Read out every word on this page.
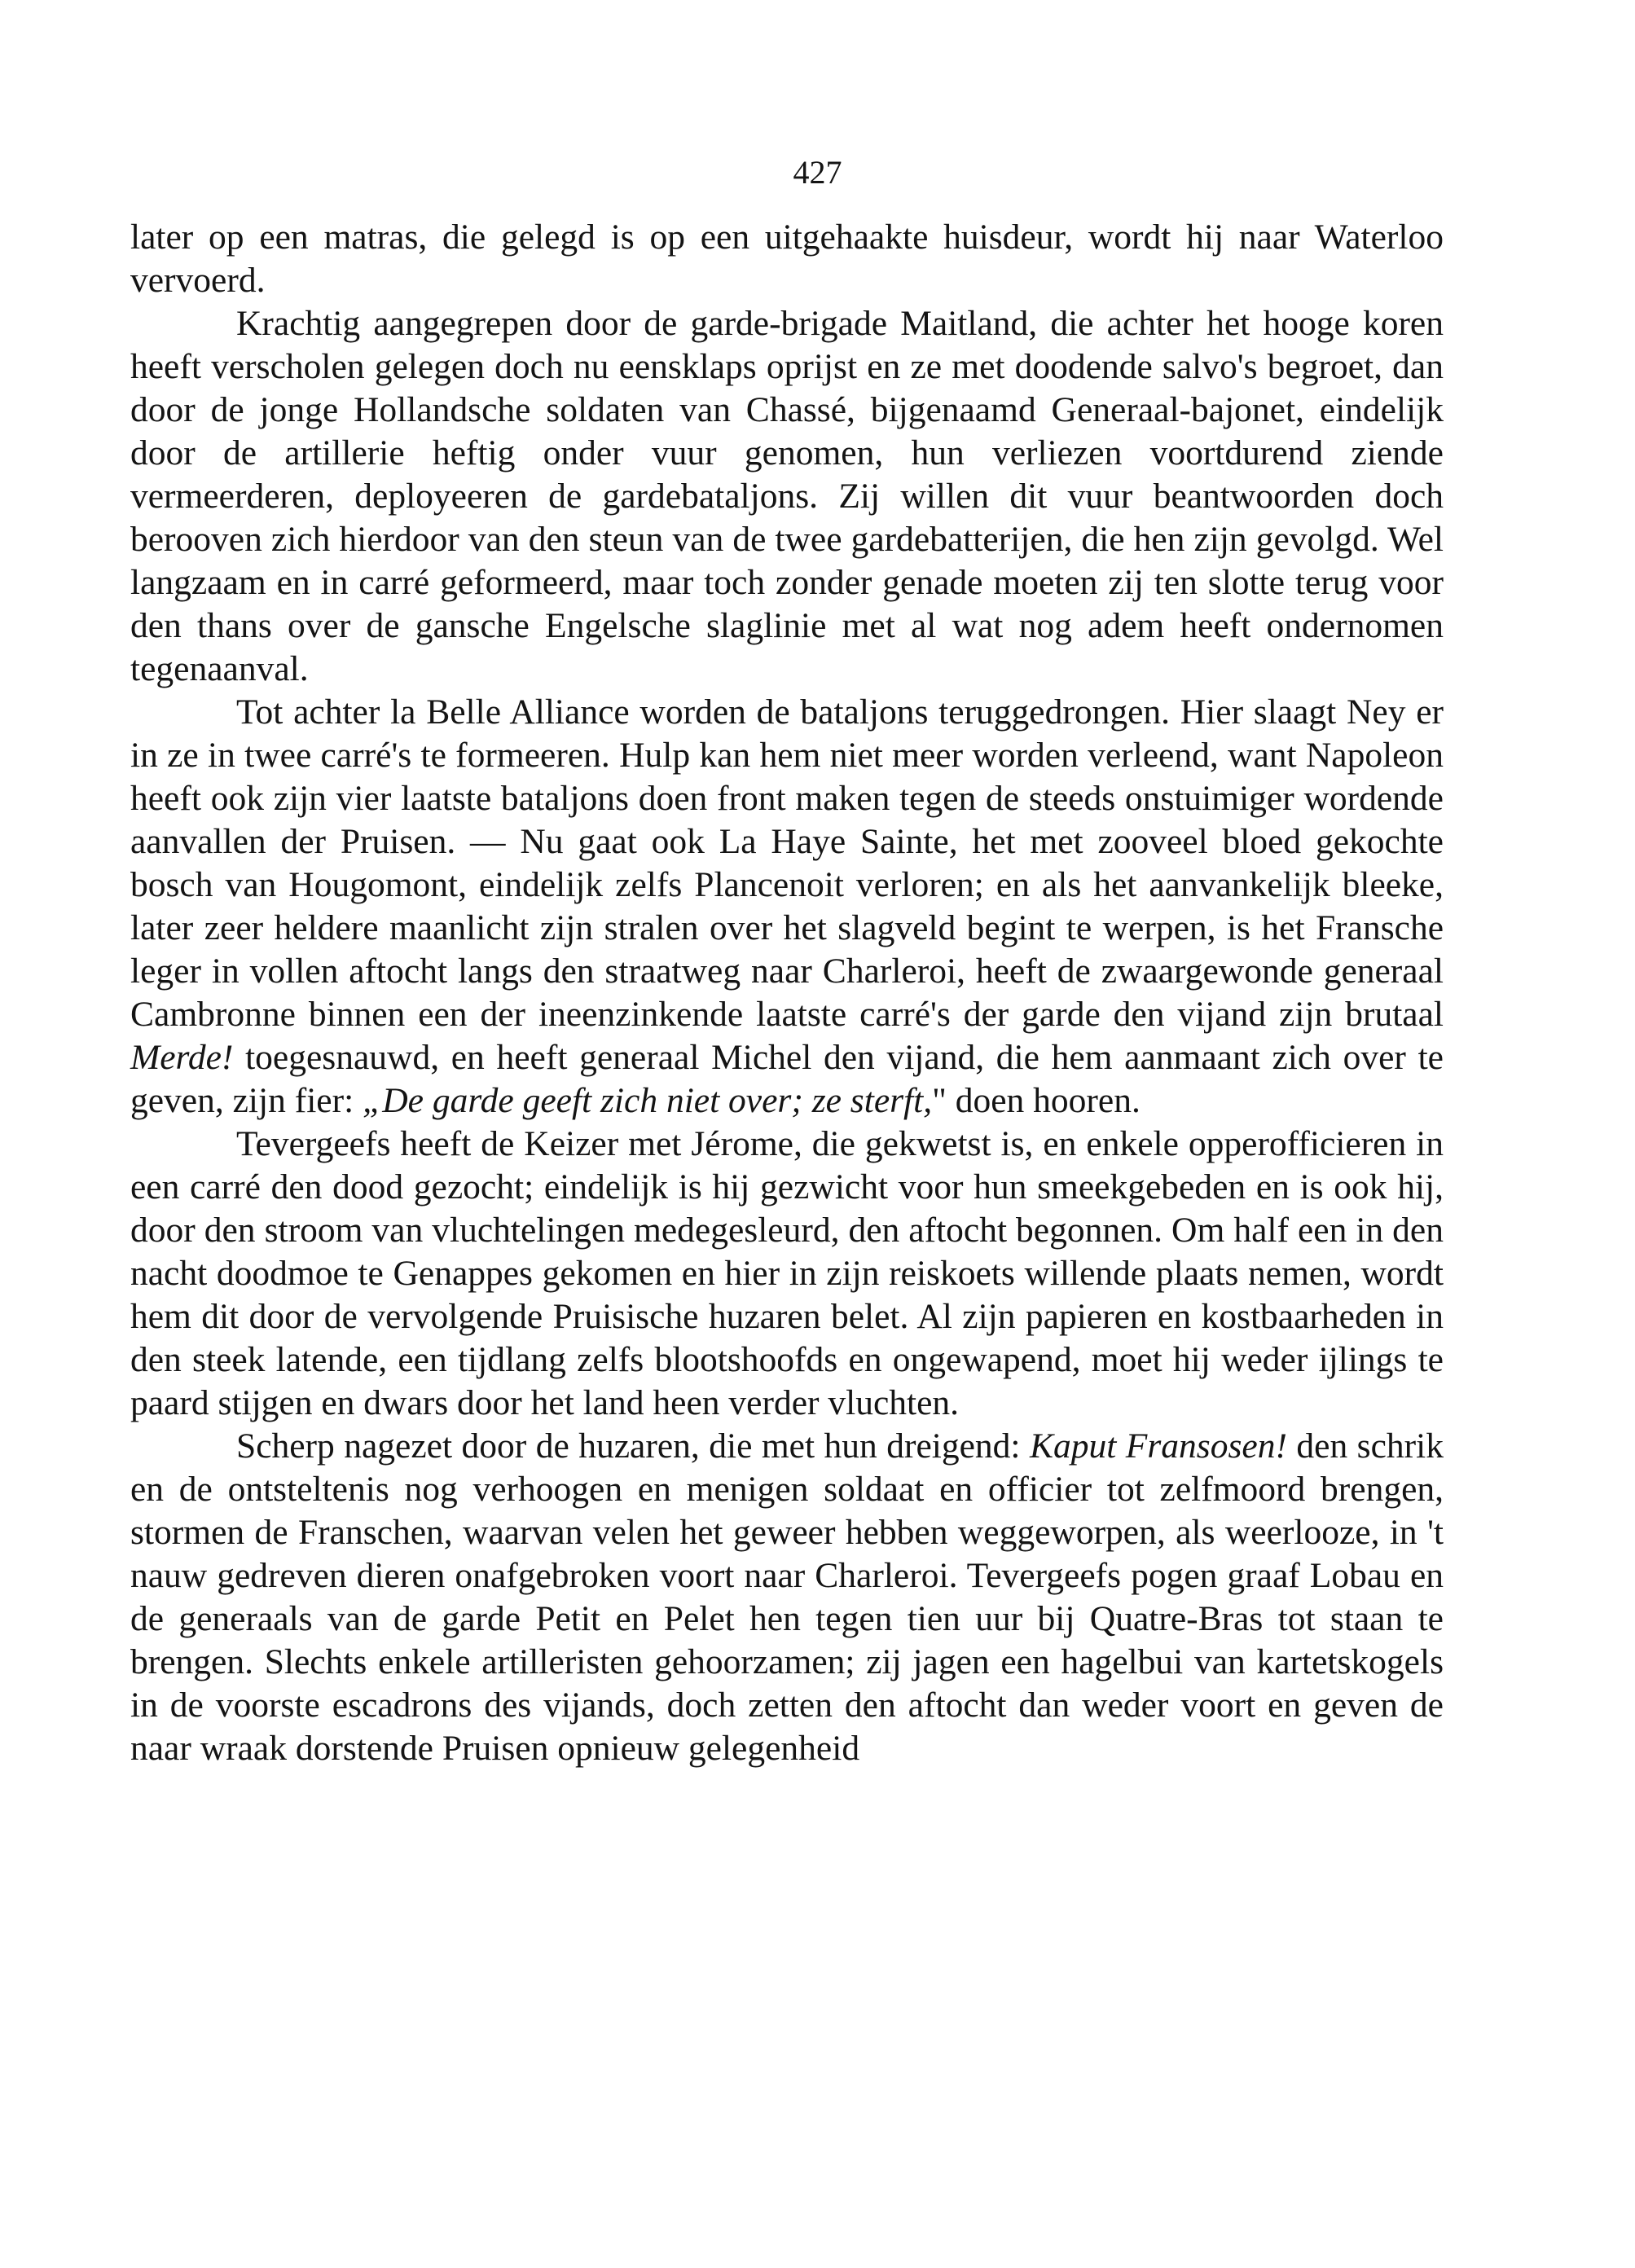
427

later op een matras, die gelegd is op een uitgehaakte huisdeur, wordt hij naar Waterloo vervoerd.

Krachtig aangegrepen door de garde-brigade Maitland, die achter het hooge koren heeft verscholen gelegen doch nu eensklaps oprijst en ze met doodende salvo's begroet, dan door de jonge Hollandsche soldaten van Chassé, bijgenaamd Generaal-bajonet, eindelijk door de artillerie heftig onder vuur genomen, hun verliezen voortdurend ziende vermeerderen, deployeeren de gardebataljons. Zij willen dit vuur beantwoorden doch berooven zich hierdoor van den steun van de twee gardebatterijen, die hen zijn gevolgd. Wel langzaam en in carré geformeerd, maar toch zonder genade moeten zij ten slotte terug voor den thans over de gansche Engelsche slaglinie met al wat nog adem heeft ondernomen tegenaanval.

Tot achter la Belle Alliance worden de bataljons teruggedrongen. Hier slaagt Ney er in ze in twee carré's te formeeren. Hulp kan hem niet meer worden verleend, want Napoleon heeft ook zijn vier laatste bataljons doen front maken tegen de steeds onstuimiger wordende aanvallen der Pruisen. — Nu gaat ook La Haye Sainte, het met zooveel bloed gekochte bosch van Hougomont, eindelijk zelfs Plancenoit verloren; en als het aanvankelijk bleeke, later zeer heldere maanlicht zijn stralen over het slagveld begint te werpen, is het Fransche leger in vollen aftocht langs den straatweg naar Charleroi, heeft de zwaargewonde generaal Cambronne binnen een der ineenzinkende laatste carré's der garde den vijand zijn brutaal Merde! toegesnauwd, en heeft generaal Michel den vijand, die hem aanmaant zich over te geven, zijn fier: „De garde geeft zich niet over; ze sterft," doen hooren.

Tevergeefs heeft de Keizer met Jérome, die gekwetst is, en enkele opperofficieren in een carré den dood gezocht; eindelijk is hij gezwicht voor hun smeekgebeden en is ook hij, door den stroom van vluchtelingen medegesleurd, den aftocht begonnen. Om half een in den nacht doodmoe te Genappes gekomen en hier in zijn reiskoets willende plaats nemen, wordt hem dit door de vervolgende Pruisische huzaren belet. Al zijn papieren en kostbaarheden in den steek latende, een tijdlang zelfs blootshoofds en ongewapend, moet hij weder ijlings te paard stijgen en dwars door het land heen verder vluchten.

Scherp nagezet door de huzaren, die met hun dreigend: Kaput Fransosen! den schrik en de ontsteltenis nog verhoogen en menigen soldaat en officier tot zelfmoord brengen, stormen de Franschen, waarvan velen het geweer hebben weggeworpen, als weerlooze, in 't nauw gedreven dieren onafgebroken voort naar Charleroi. Tevergeefs pogen graaf Lobau en de generaals van de garde Petit en Pelet hen tegen tien uur bij Quatre-Bras tot staan te brengen. Slechts enkele artilleristen gehoorzamen; zij jagen een hagelbui van kartetskogels in de voorste escadrons des vijands, doch zetten den aftocht dan weder voort en geven de naar wraak dorstende Pruisen opnieuw gelegenheid
